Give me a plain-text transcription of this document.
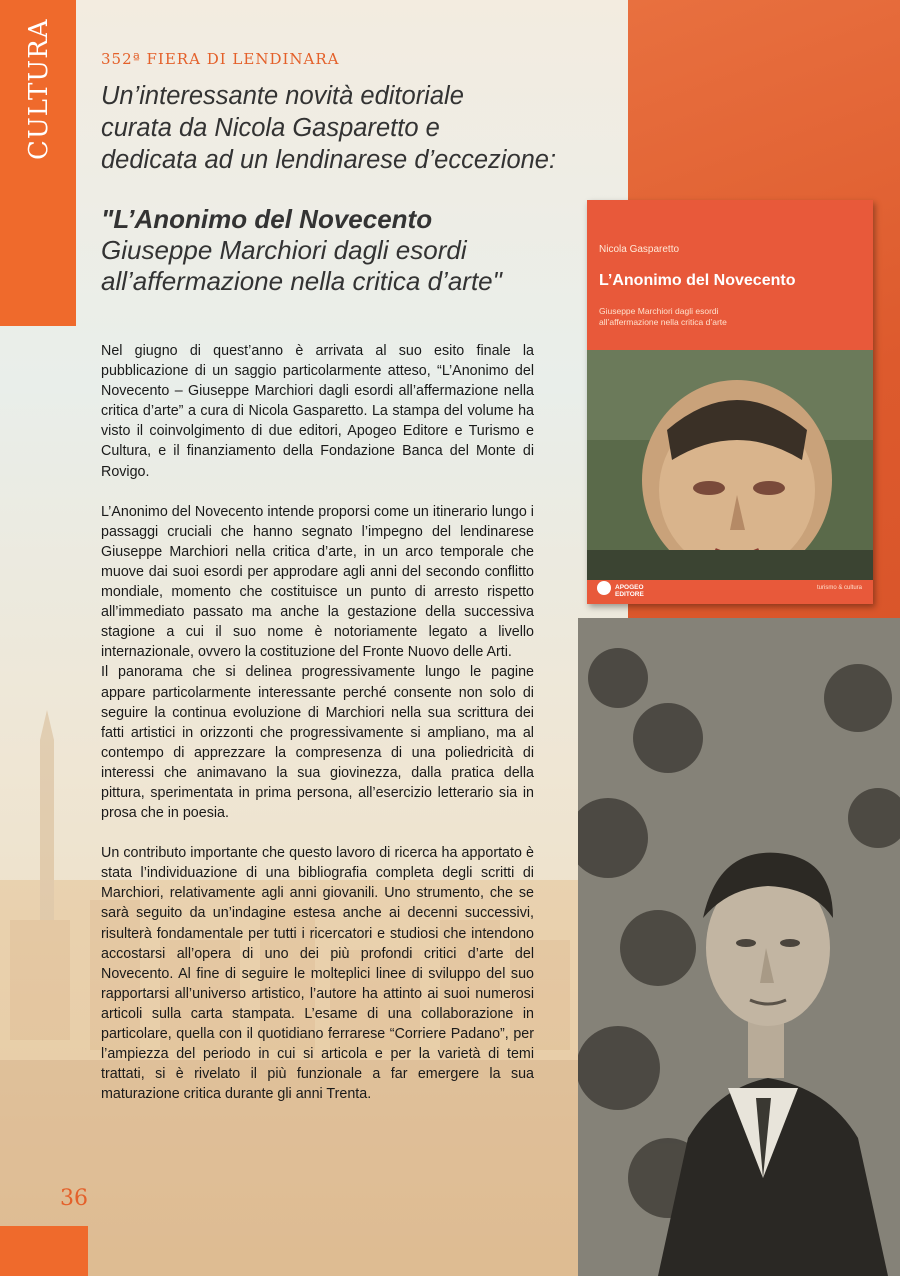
CULTURA	352ª FIERA DI LENDINARA
Un’interessante novità editoriale
curata da Nicola Gasparetto e
dedicata ad un lendinarese d’eccezione:
"L’Anonimo del Novecento
Giuseppe Marchiori dagli esordi
all’affermazione nella critica d’arte"

Nel giugno di quest’anno è arrivata al suo esito finale la pubblicazione di un saggio particolarmente atteso, “L’Anonimo del Novecento – Giuseppe Marchiori dagli esordi all’affermazione nella critica d’arte” a cura di Nicola Gasparetto. La stampa del volume ha visto il coinvolgimento di due editori, Apogeo Editore e Turismo e Cultura, e il finanziamento della Fondazione Banca del Monte di Rovigo.

L’Anonimo del Novecento intende proporsi come un itinerario lungo i passaggi cruciali che hanno segnato l’impegno del lendinarese Giuseppe Marchiori nella critica d’arte, in un arco temporale che muove dai suoi esordi per approdare agli anni del secondo conflitto mondiale, momento che costituisce un punto di arresto rispetto all’immediato passato ma anche la gestazione della successiva stagione a cui il suo nome è notoriamente legato a livello internazionale, ovvero la costituzione del Fronte Nuovo delle Arti.

Il panorama che si delinea progressivamente lungo le pagine appare particolarmente interessante perché consente non solo di seguire la continua evoluzione di Marchiori nella sua scrittura dei fatti artistici in orizzonti che progressivamente si ampliano, ma al contempo di apprezzare la compresenza di una poliedricità di interessi che animavano la sua giovinezza, dalla pratica della pittura, sperimentata in prima persona, all’esercizio letterario sia in prosa che in poesia.

Un contributo importante che questo lavoro di ricerca ha apportato è stata l’individuazione di una bibliografia completa degli scritti di Marchiori, relativamente agli anni giovanili. Uno strumento, che se sarà seguito da un’indagine estesa anche ai decenni successivi, risulterà fondamentale per tutti i ricercatori e studiosi che intendono accostarsi all’opera di uno dei più profondi critici d’arte del Novecento. Al fine di seguire le molteplici linee di sviluppo del suo rapportarsi all’universo artistico, l’autore ha attinto ai suoi numerosi articoli sulla carta stampata. L’esame di una collaborazione in particolare, quella con il quotidiano ferrarese “Corriere Padano”, per l’ampiezza del periodo in cui si articola e per la varietà di temi trattati, si è rivelato il più funzionale a far emergere la sua maturazione critica durante gli anni Trenta.

36
Nicola Gasparetto
L’Anonimo del Novecento
Giuseppe Marchiori dagli esordi
all’affermazione nella critica d’arte
APOGEO
EDITORE
turismo & cultura
